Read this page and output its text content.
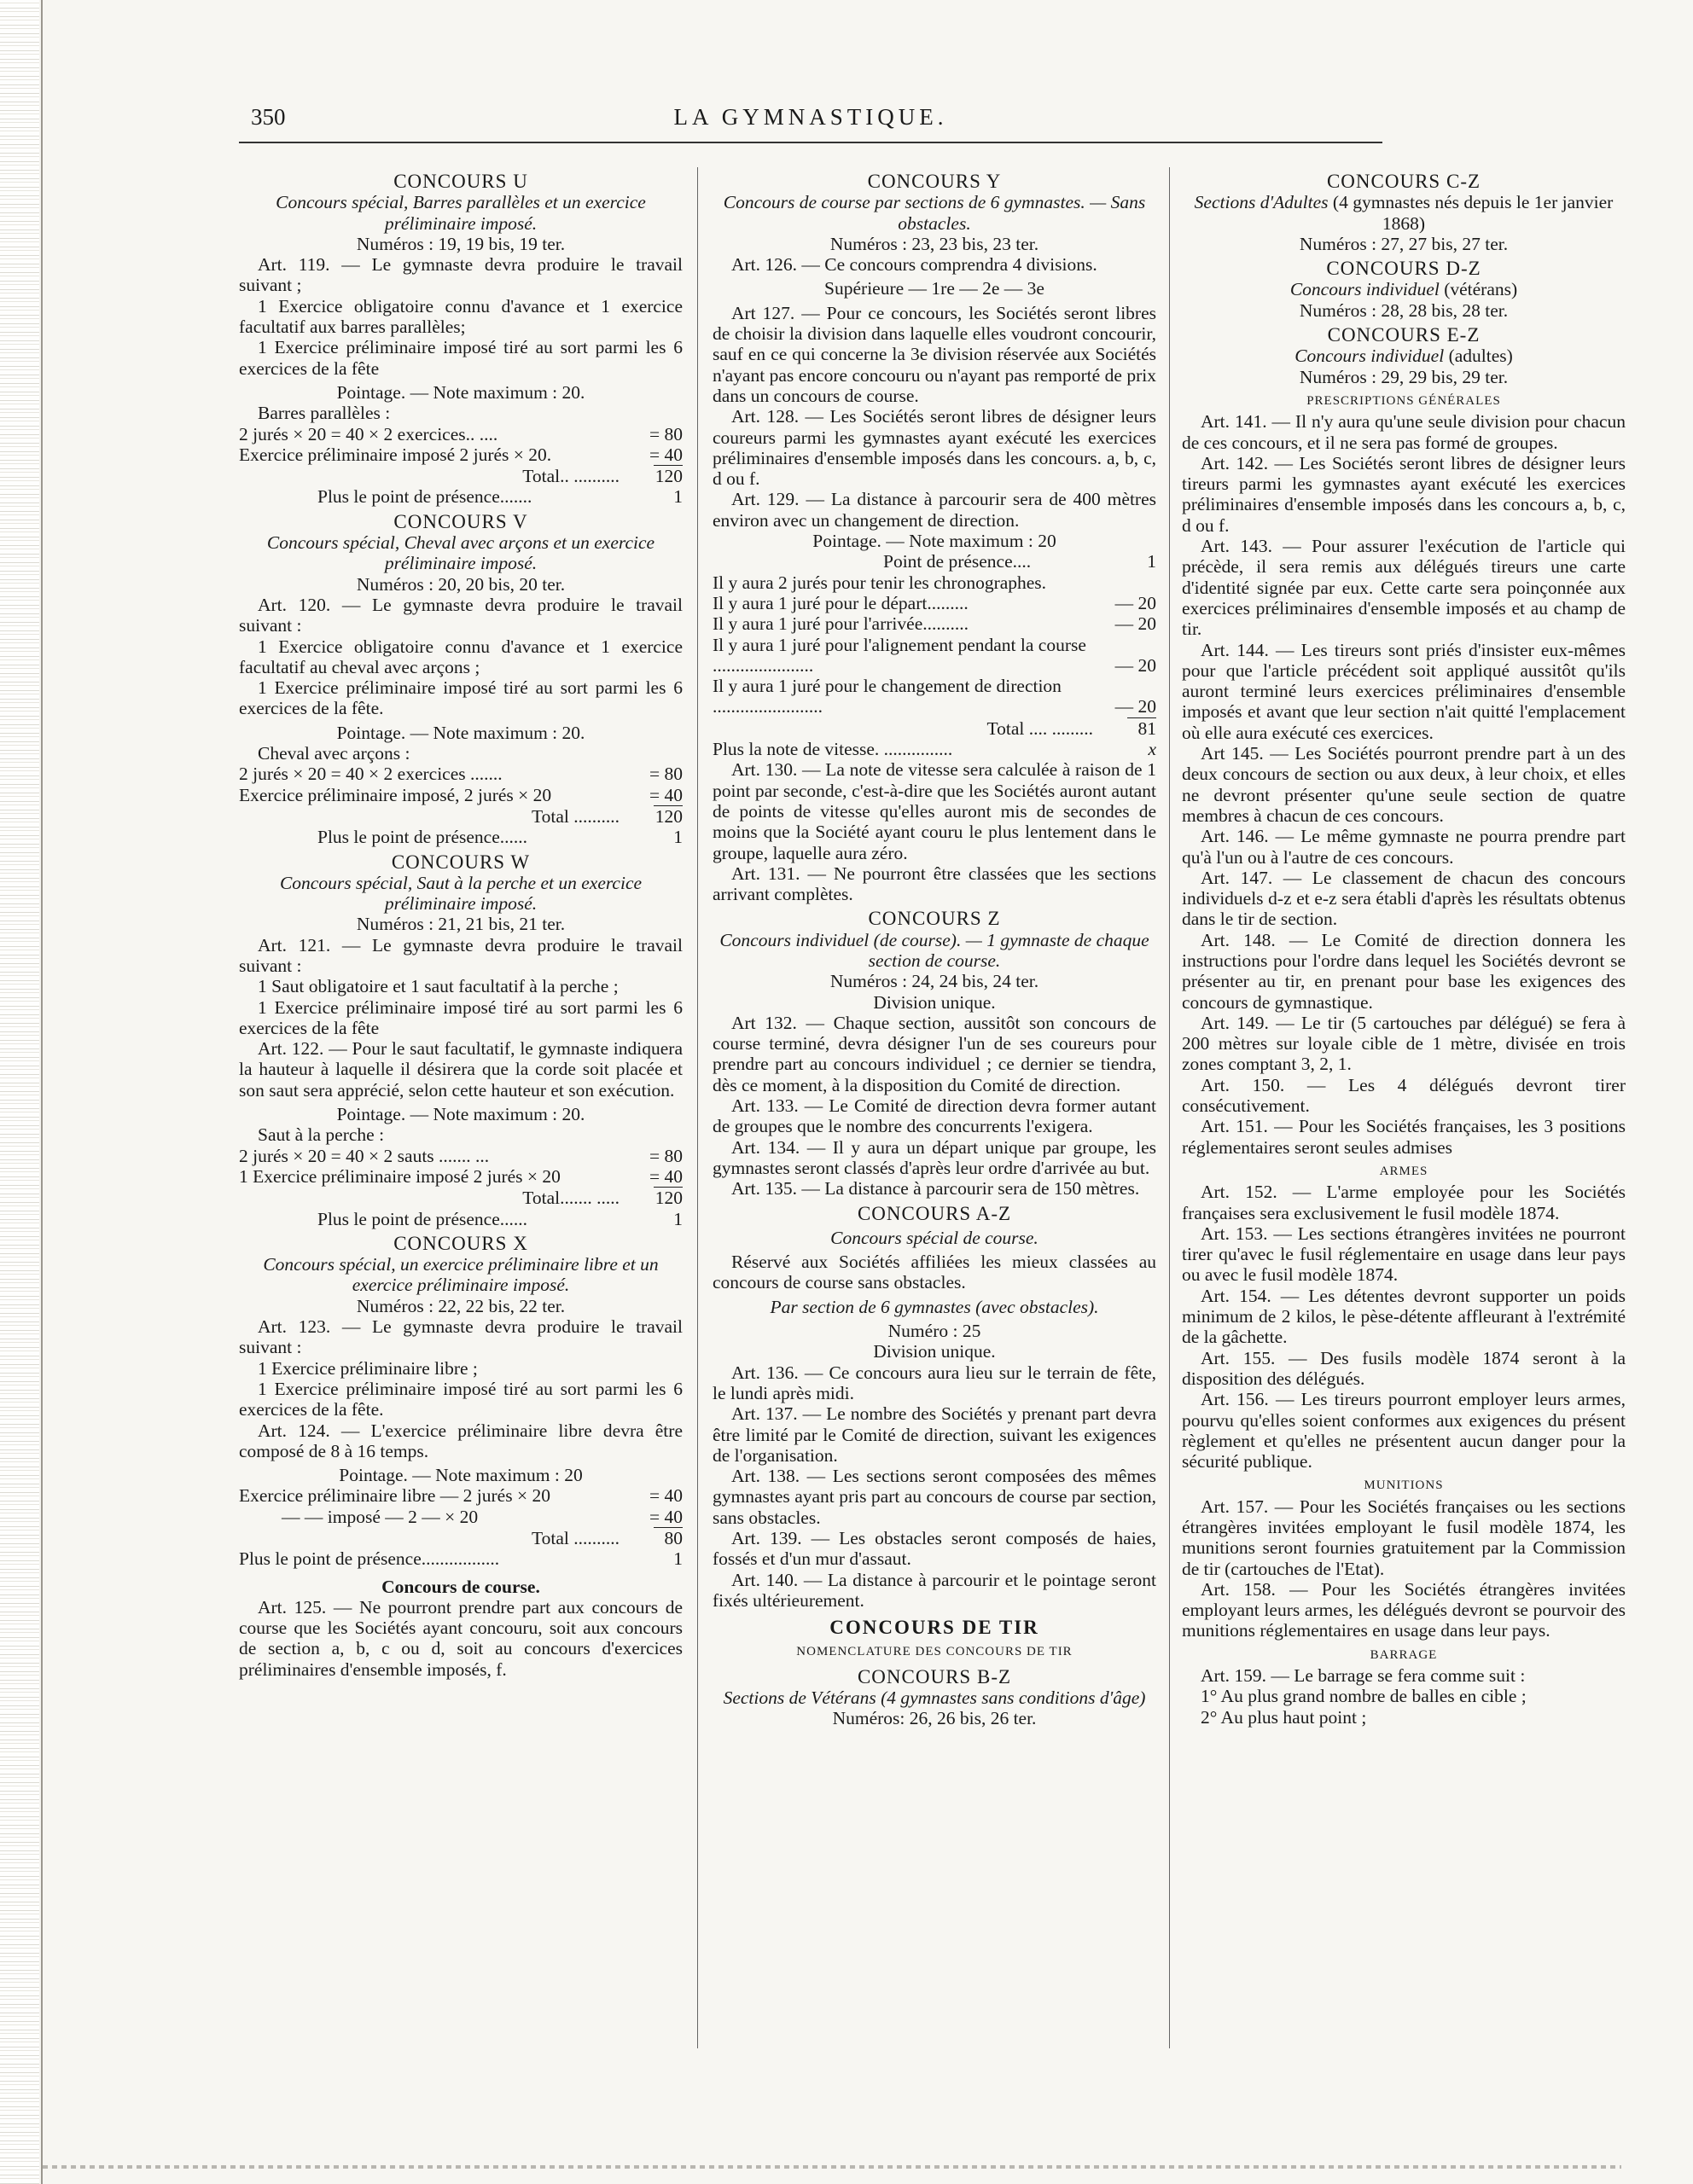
350	LA GYMNASTIQUE.

CONCOURS U

Concours spécial, Barres parallèles et un exercice préliminaire imposé.

Numéros : 19, 19 bis, 19 ter.

Art. 119. — Le gymnaste devra produire le travail suivant ;

1 Exercice obligatoire connu d'avance et 1 exercice facultatif aux barres parallèles;

1 Exercice préliminaire imposé tiré au sort parmi les 6 exercices de la fête

Pointage. — Note maximum : 20.

Barres parallèles :

2 jurés × 20 = 40 × 2 exercices.. ....	= 80
Exercice préliminaire imposé 2 jurés × 20.	= 40
Total.. .......... 120
Plus le point de présence.......	1

CONCOURS V

Concours spécial, Cheval avec arçons et un exercice préliminaire imposé.

Numéros : 20, 20 bis, 20 ter.

Art. 120. — Le gymnaste devra produire le travail suivant :

1 Exercice obligatoire connu d'avance et 1 exercice facultatif au cheval avec arçons ;

1 Exercice préliminaire imposé tiré au sort parmi les 6 exercices de la fête.

Pointage. — Note maximum : 20.

Cheval avec arçons :

2 jurés × 20 = 40 × 2 exercices .......	= 80
Exercice préliminaire imposé, 2 jurés × 20	= 40
Total .......... 120
Plus le point de présence......	1

CONCOURS W

Concours spécial, Saut à la perche et un exercice préliminaire imposé.

Numéros : 21, 21 bis, 21 ter.

Art. 121. — Le gymnaste devra produire le travail suivant :

1 Saut obligatoire et 1 saut facultatif à la perche ;

1 Exercice préliminaire imposé tiré au sort parmi les 6 exercices de la fête

Art. 122. — Pour le saut facultatif, le gymnaste indiquera la hauteur à laquelle il désirera que la corde soit placée et son saut sera apprécié, selon cette hauteur et son exécution.

Pointage. — Note maximum : 20.

Saut à la perche :

2 jurés × 20 = 40 × 2 sauts ....... ...	= 80
1 Exercice préliminaire imposé 2 jurés × 20	= 40
Total....... ..... 120
Plus le point de présence......	1

CONCOURS X

Concours spécial, un exercice préliminaire libre et un exercice préliminaire imposé.

Numéros : 22, 22 bis, 22 ter.

Art. 123. — Le gymnaste devra produire le travail suivant :

1 Exercice préliminaire libre ;

1 Exercice préliminaire imposé tiré au sort parmi les 6 exercices de la fête.

Art. 124. — L'exercice préliminaire libre devra être composé de 8 à 16 temps.

Pointage. — Note maximum : 20

Exercice préliminaire libre — 2 jurés × 20	= 40
— — imposé — 2 — × 20	= 40
Total ..........	80
Plus le point de présence.................	1

Concours de course.

Art. 125. — Ne pourront prendre part aux concours de course que les Sociétés ayant concouru, soit aux concours de section a, b, c ou d, soit au concours d'exercices préliminaires d'ensemble imposés, f.

CONCOURS Y

Concours de course par sections de 6 gymnastes. — Sans obstacles.

Numéros : 23, 23 bis, 23 ter.

Art. 126. — Ce concours comprendra 4 divisions.

Supérieure — 1re — 2e — 3e

Art 127. — Pour ce concours, les Sociétés seront libres de choisir la division dans laquelle elles voudront concourir, sauf en ce qui concerne la 3e division réservée aux Sociétés n'ayant pas encore concouru ou n'ayant pas remporté de prix dans un concours de course.

Art. 128. — Les Sociétés seront libres de désigner leurs coureurs parmi les gymnastes ayant exécuté les exercices préliminaires d'ensemble imposés dans les concours. a, b, c, d ou f.

Art. 129. — La distance à parcourir sera de 400 mètres environ avec un changement de direction.

Pointage. — Note maximum : 20

Point de présence....	1

Il y aura 2 jurés pour tenir les chronographes.

Il y aura 1 juré pour le départ.........	— 20
Il y aura 1 juré pour l'arrivée..........	— 20
Il y aura 1 juré pour l'alignement pendant la course ......................	— 20
Il y aura 1 juré pour le changement de direction ........................	— 20
Total .... .........	81
Plus la note de vitesse. ...............	x

Art. 130. — La note de vitesse sera calculée à raison de 1 point par seconde, c'est-à-dire que les Sociétés auront autant de points de vitesse qu'elles auront mis de secondes de moins que la Société ayant couru le plus lentement dans le groupe, laquelle aura zéro.

Art. 131. — Ne pourront être classées que les sections arrivant complètes.

CONCOURS Z

Concours individuel (de course). — 1 gymnaste de chaque section de course.

Numéros : 24, 24 bis, 24 ter.

Division unique.

Art 132. — Chaque section, aussitôt son concours de course terminé, devra désigner l'un de ses coureurs pour prendre part au concours individuel ; ce dernier se tiendra, dès ce moment, à la disposition du Comité de direction.

Art. 133. — Le Comité de direction devra former autant de groupes que le nombre des concurrents l'exigera.

Art. 134. — Il y aura un départ unique par groupe, les gymnastes seront classés d'après leur ordre d'arrivée au but.

Art. 135. — La distance à parcourir sera de 150 mètres.

CONCOURS A-Z

Concours spécial de course.

Réservé aux Sociétés affiliées les mieux classées au concours de course sans obstacles.

Par section de 6 gymnastes (avec obstacles).

Numéro : 25

Division unique.

Art. 136. — Ce concours aura lieu sur le terrain de fête, le lundi après midi.

Art. 137. — Le nombre des Sociétés y prenant part devra être limité par le Comité de direction, suivant les exigences de l'organisation.

Art. 138. — Les sections seront composées des mêmes gymnastes ayant pris part au concours de course par section, sans obstacles.

Art. 139. — Les obstacles seront composés de haies, fossés et d'un mur d'assaut.

Art. 140. — La distance à parcourir et le pointage seront fixés ultérieurement.

CONCOURS DE TIR

NOMENCLATURE DES CONCOURS DE TIR

CONCOURS B-Z

Sections de Vétérans (4 gymnastes sans conditions d'âge)

Numéros: 26, 26 bis, 26 ter.

CONCOURS C-Z

Sections d'Adultes (4 gymnastes nés depuis le 1er janvier 1868)

Numéros : 27, 27 bis, 27 ter.

CONCOURS D-Z

Concours individuel (vétérans)

Numéros : 28, 28 bis, 28 ter.

CONCOURS E-Z

Concours individuel (adultes)

Numéros : 29, 29 bis, 29 ter.

PRESCRIPTIONS GÉNÉRALES

Art. 141. — Il n'y aura qu'une seule division pour chacun de ces concours, et il ne sera pas formé de groupes.

Art. 142. — Les Sociétés seront libres de désigner leurs tireurs parmi les gymnastes ayant exécuté les exercices préliminaires d'ensemble imposés dans les concours a, b, c, d ou f.

Art. 143. — Pour assurer l'exécution de l'article qui précède, il sera remis aux délégués tireurs une carte d'identité signée par eux. Cette carte sera poinçonnée aux exercices préliminaires d'ensemble imposés et au champ de tir.

Art. 144. — Les tireurs sont priés d'insister eux-mêmes pour que l'article précédent soit appliqué aussitôt qu'ils auront terminé leurs exercices préliminaires d'ensemble imposés et avant que leur section n'ait quitté l'emplacement où elle aura exécuté ces exercices.

Art 145. — Les Sociétés pourront prendre part à un des deux concours de section ou aux deux, à leur choix, et elles ne devront présenter qu'une seule section de quatre membres à chacun de ces concours.

Art. 146. — Le même gymnaste ne pourra prendre part qu'à l'un ou à l'autre de ces concours.

Art. 147. — Le classement de chacun des concours individuels d-z et e-z sera établi d'après les résultats obtenus dans le tir de section.

Art. 148. — Le Comité de direction donnera les instructions pour l'ordre dans lequel les Sociétés devront se présenter au tir, en prenant pour base les exigences des concours de gymnastique.

Art. 149. — Le tir (5 cartouches par délégué) se fera à 200 mètres sur loyale cible de 1 mètre, divisée en trois zones comptant 3, 2, 1.

Art. 150. — Les 4 délégués devront tirer consécutivement.

Art. 151. — Pour les Sociétés françaises, les 3 positions réglementaires seront seules admises

ARMES

Art. 152. — L'arme employée pour les Sociétés françaises sera exclusivement le fusil modèle 1874.

Art. 153. — Les sections étrangères invitées ne pourront tirer qu'avec le fusil réglementaire en usage dans leur pays ou avec le fusil modèle 1874.

Art. 154. — Les détentes devront supporter un poids minimum de 2 kilos, le pèse-détente affleurant à l'extrémité de la gâchette.

Art. 155. — Des fusils modèle 1874 seront à la disposition des délégués.

Art. 156. — Les tireurs pourront employer leurs armes, pourvu qu'elles soient conformes aux exigences du présent règlement et qu'elles ne présentent aucun danger pour la sécurité publique.

MUNITIONS

Art. 157. — Pour les Sociétés françaises ou les sections étrangères invitées employant le fusil modèle 1874, les munitions seront fournies gratuitement par la Commission de tir (cartouches de l'Etat).

Art. 158. — Pour les Sociétés étrangères invitées employant leurs armes, les délégués devront se pourvoir des munitions réglementaires en usage dans leur pays.

BARRAGE

Art. 159. — Le barrage se fera comme suit :

1° Au plus grand nombre de balles en cible ;

2° Au plus haut point ;
